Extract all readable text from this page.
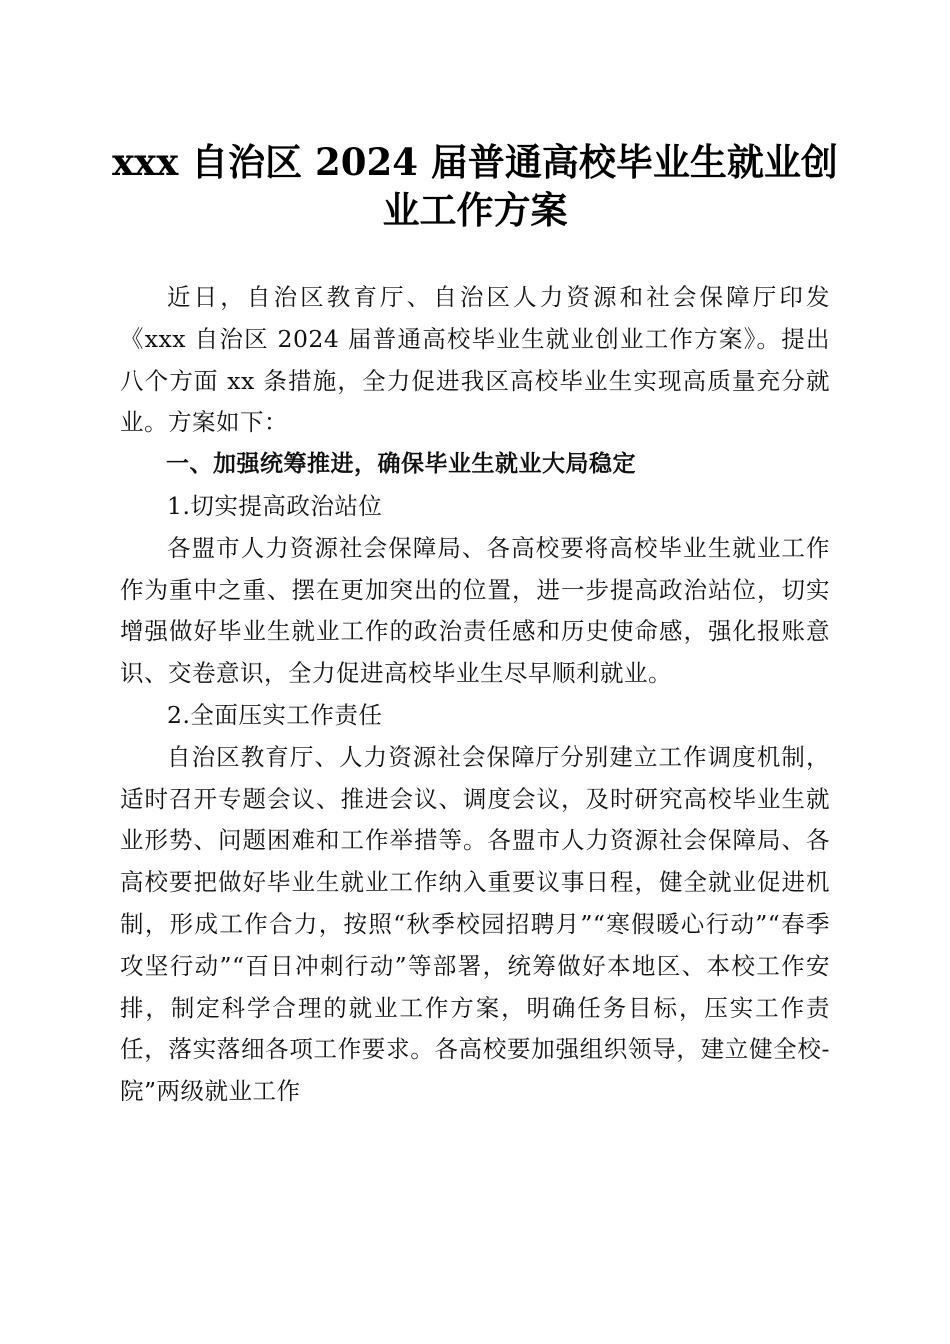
xxx 自治区 2024 届普通高校毕业生就业创业工作方案

近日，自治区教育厅、自治区人力资源和社会保障厅印发《xxx 自治区 2024 届普通高校毕业生就业创业工作方案》。提出八个方面 xx 条措施，全力促进我区高校毕业生实现高质量充分就业。方案如下：

一、加强统筹推进，确保毕业生就业大局稳定

1.切实提高政治站位

各盟市人力资源社会保障局、各高校要将高校毕业生就业工作作为重中之重、摆在更加突出的位置，进一步提高政治站位，切实增强做好毕业生就业工作的政治责任感和历史使命感，强化报账意识、交卷意识，全力促进高校毕业生尽早顺利就业。

2.全面压实工作责任

自治区教育厅、人力资源社会保障厅分别建立工作调度机制，适时召开专题会议、推进会议、调度会议，及时研究高校毕业生就业形势、问题困难和工作举措等。各盟市人力资源社会保障局、各高校要把做好毕业生就业工作纳入重要议事日程，健全就业促进机制，形成工作合力，按照“秋季校园招聘月”“寒假暖心行动”“春季攻坚行动”“百日冲刺行动”等部署，统筹做好本地区、本校工作安排，制定科学合理的就业工作方案，明确任务目标，压实工作责任，落实落细各项工作要求。各高校要加强组织领导，建立健全校-院”两级就业工作
